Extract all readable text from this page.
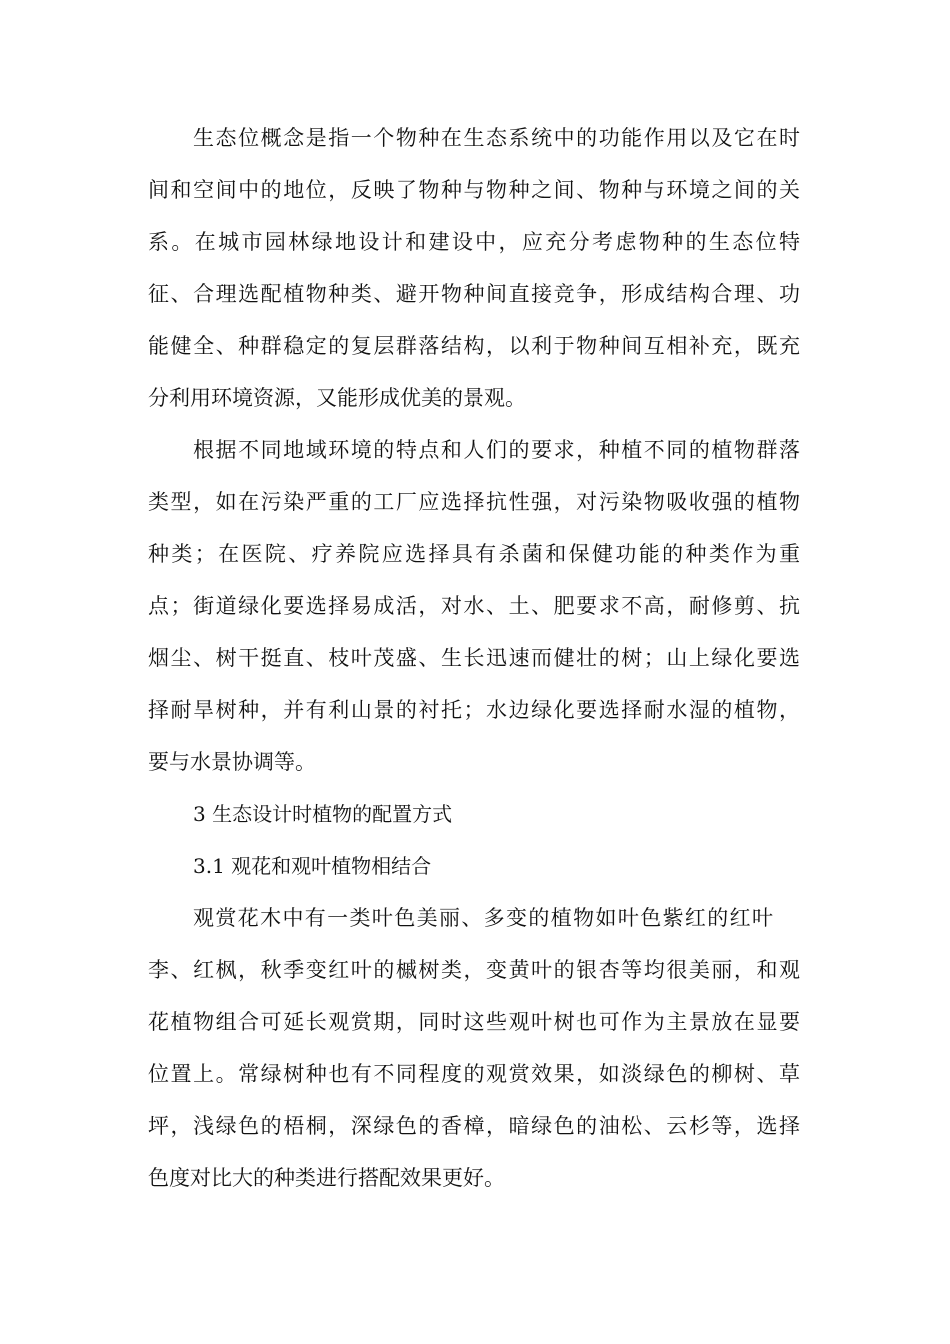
生态位概念是指一个物种在生态系统中的功能作用以及它在时
间和空间中的地位，反映了物种与物种之间、物种与环境之间的关
系。在城市园林绿地设计和建设中，应充分考虑物种的生态位特
征、合理选配植物种类、避开物种间直接竞争，形成结构合理、功
能健全、种群稳定的复层群落结构，以利于物种间互相补充，既充
分利用环境资源，又能形成优美的景观。
根据不同地域环境的特点和人们的要求，种植不同的植物群落
类型，如在污染严重的工厂应选择抗性强，对污染物吸收强的植物
种类；在医院、疗养院应选择具有杀菌和保健功能的种类作为重
点；街道绿化要选择易成活，对水、土、肥要求不高，耐修剪、抗
烟尘、树干挺直、枝叶茂盛、生长迅速而健壮的树；山上绿化要选
择耐旱树种，并有利山景的衬托；水边绿化要选择耐水湿的植物，
要与水景协调等。
3 生态设计时植物的配置方式
3.1 观花和观叶植物相结合
观赏花木中有一类叶色美丽、多变的植物如叶色紫红的红叶
李、红枫，秋季变红叶的槭树类，变黄叶的银杏等均很美丽，和观
花植物组合可延长观赏期，同时这些观叶树也可作为主景放在显要
位置上。常绿树种也有不同程度的观赏效果，如淡绿色的柳树、草
坪，浅绿色的梧桐，深绿色的香樟，暗绿色的油松、云杉等，选择
色度对比大的种类进行搭配效果更好。
